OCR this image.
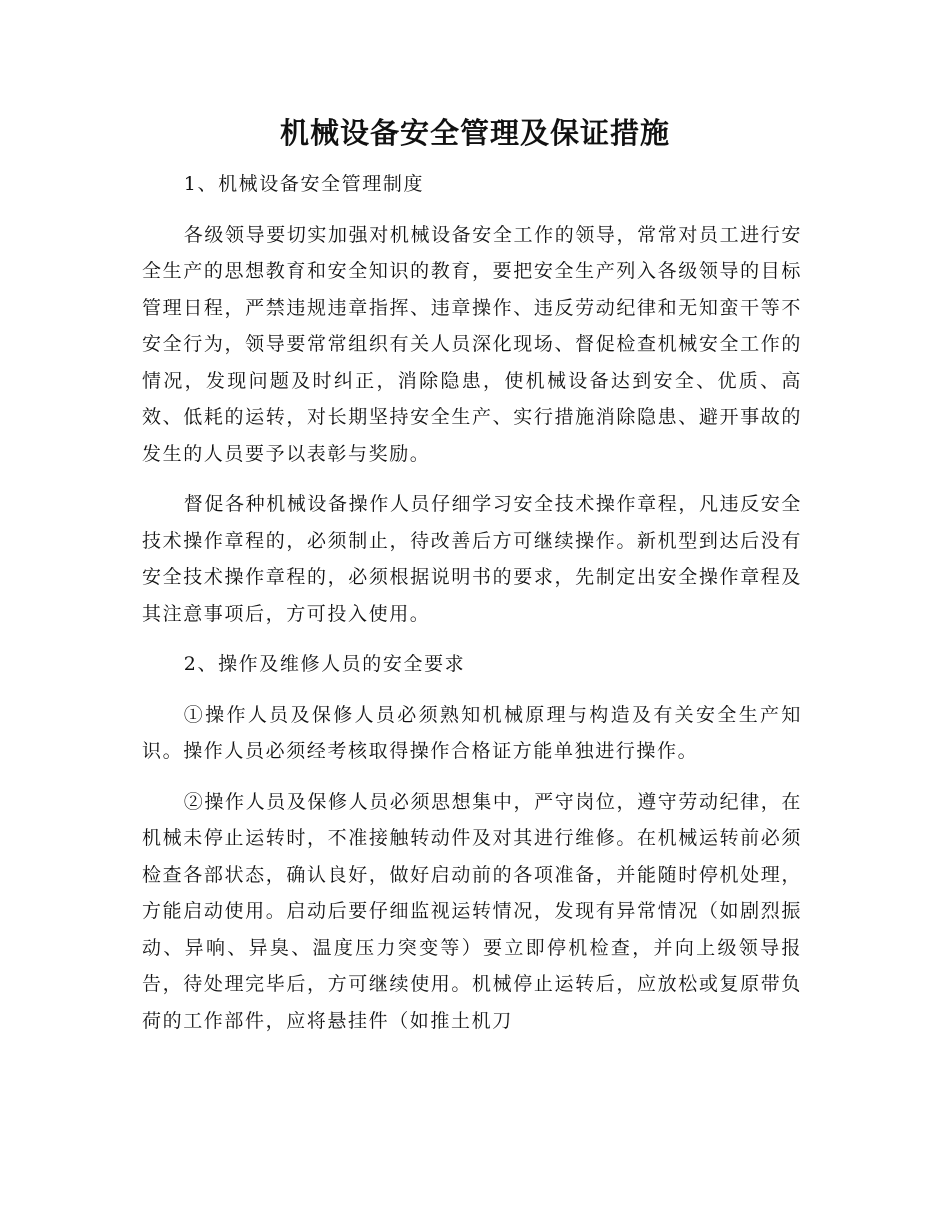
机械设备安全管理及保证措施

1、机械设备安全管理制度

各级领导要切实加强对机械设备安全工作的领导，常常对员工进行安全生产的思想教育和安全知识的教育，要把安全生产列入各级领导的目标管理日程，严禁违规违章指挥、违章操作、违反劳动纪律和无知蛮干等不安全行为，领导要常常组织有关人员深化现场、督促检查机械安全工作的情况，发现问题及时纠正，消除隐患，使机械设备达到安全、优质、高效、低耗的运转，对长期坚持安全生产、实行措施消除隐患、避开事故的发生的人员要予以表彰与奖励。

督促各种机械设备操作人员仔细学习安全技术操作章程，凡违反安全技术操作章程的，必须制止，待改善后方可继续操作。新机型到达后没有安全技术操作章程的，必须根据说明书的要求，先制定出安全操作章程及其注意事项后，方可投入使用。

2、操作及维修人员的安全要求

①操作人员及保修人员必须熟知机械原理与构造及有关安全生产知识。操作人员必须经考核取得操作合格证方能单独进行操作。

②操作人员及保修人员必须思想集中，严守岗位，遵守劳动纪律，在机械未停止运转时，不准接触转动件及对其进行维修。在机械运转前必须检查各部状态，确认良好，做好启动前的各项准备，并能随时停机处理，方能启动使用。启动后要仔细监视运转情况，发现有异常情况（如剧烈振动、异响、异臭、温度压力突变等）要立即停机检查，并向上级领导报告，待处理完毕后，方可继续使用。机械停止运转后，应放松或复原带负荷的工作部件，应将悬挂件（如推土机刀
